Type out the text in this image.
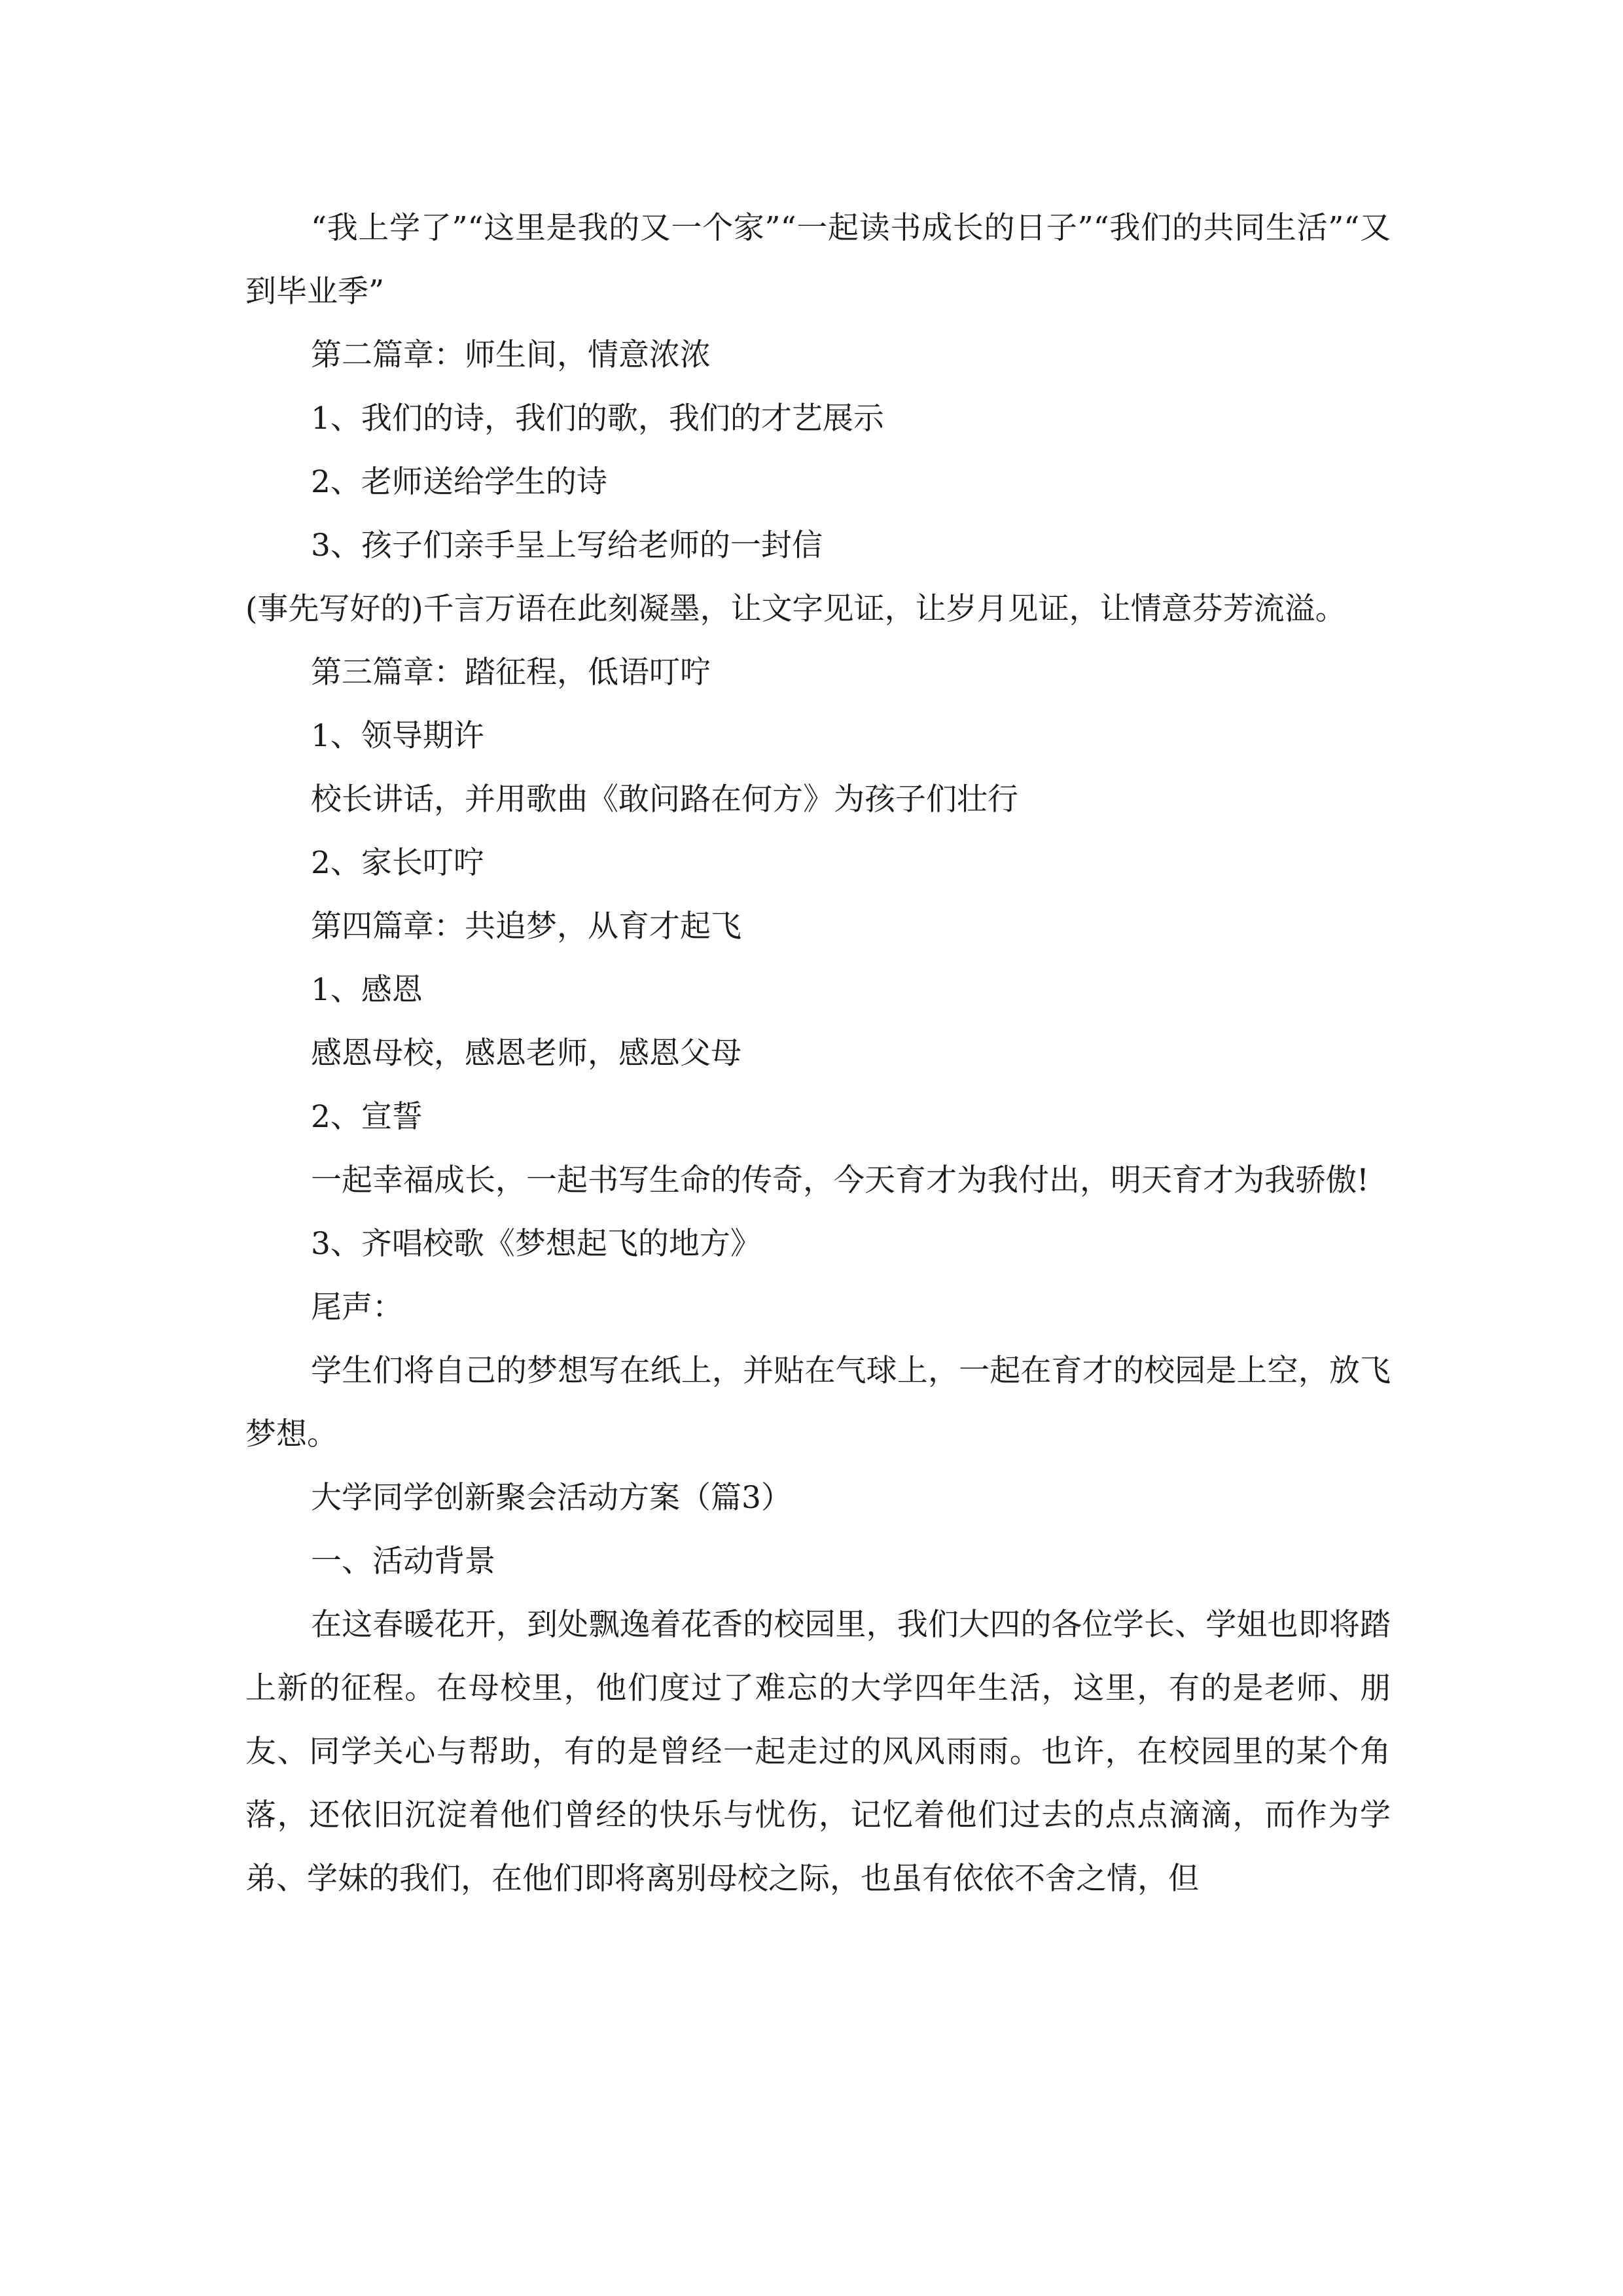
“我上学了”“这里是我的又一个家”“一起读书成长的日子”“我们的共同生活”“又到毕业季”

第二篇章：师生间，情意浓浓

1、我们的诗，我们的歌，我们的才艺展示

2、老师送给学生的诗

3、孩子们亲手呈上写给老师的一封信

(事先写好的)千言万语在此刻凝墨，让文字见证，让岁月见证，让情意芬芳流溢。

第三篇章：踏征程，低语叮咛

1、领导期许

校长讲话，并用歌曲《敢问路在何方》为孩子们壮行

2、家长叮咛

第四篇章：共追梦，从育才起飞

1、感恩

感恩母校，感恩老师，感恩父母

2、宣誓

一起幸福成长，一起书写生命的传奇，今天育才为我付出，明天育才为我骄傲!

3、齐唱校歌《梦想起飞的地方》

尾声：

学生们将自己的梦想写在纸上，并贴在气球上，一起在育才的校园是上空，放飞梦想。

大学同学创新聚会活动方案（篇3）

一、活动背景

在这春暖花开，到处飘逸着花香的校园里，我们大四的各位学长、学姐也即将踏上新的征程。在母校里，他们度过了难忘的大学四年生活，这里，有的是老师、朋友、同学关心与帮助，有的是曾经一起走过的风风雨雨。也许，在校园里的某个角落，还依旧沉淀着他们曾经的快乐与忧伤，记忆着他们过去的点点滴滴，而作为学弟、学妹的我们，在他们即将离别母校之际，也虽有依依不舍之情，但
